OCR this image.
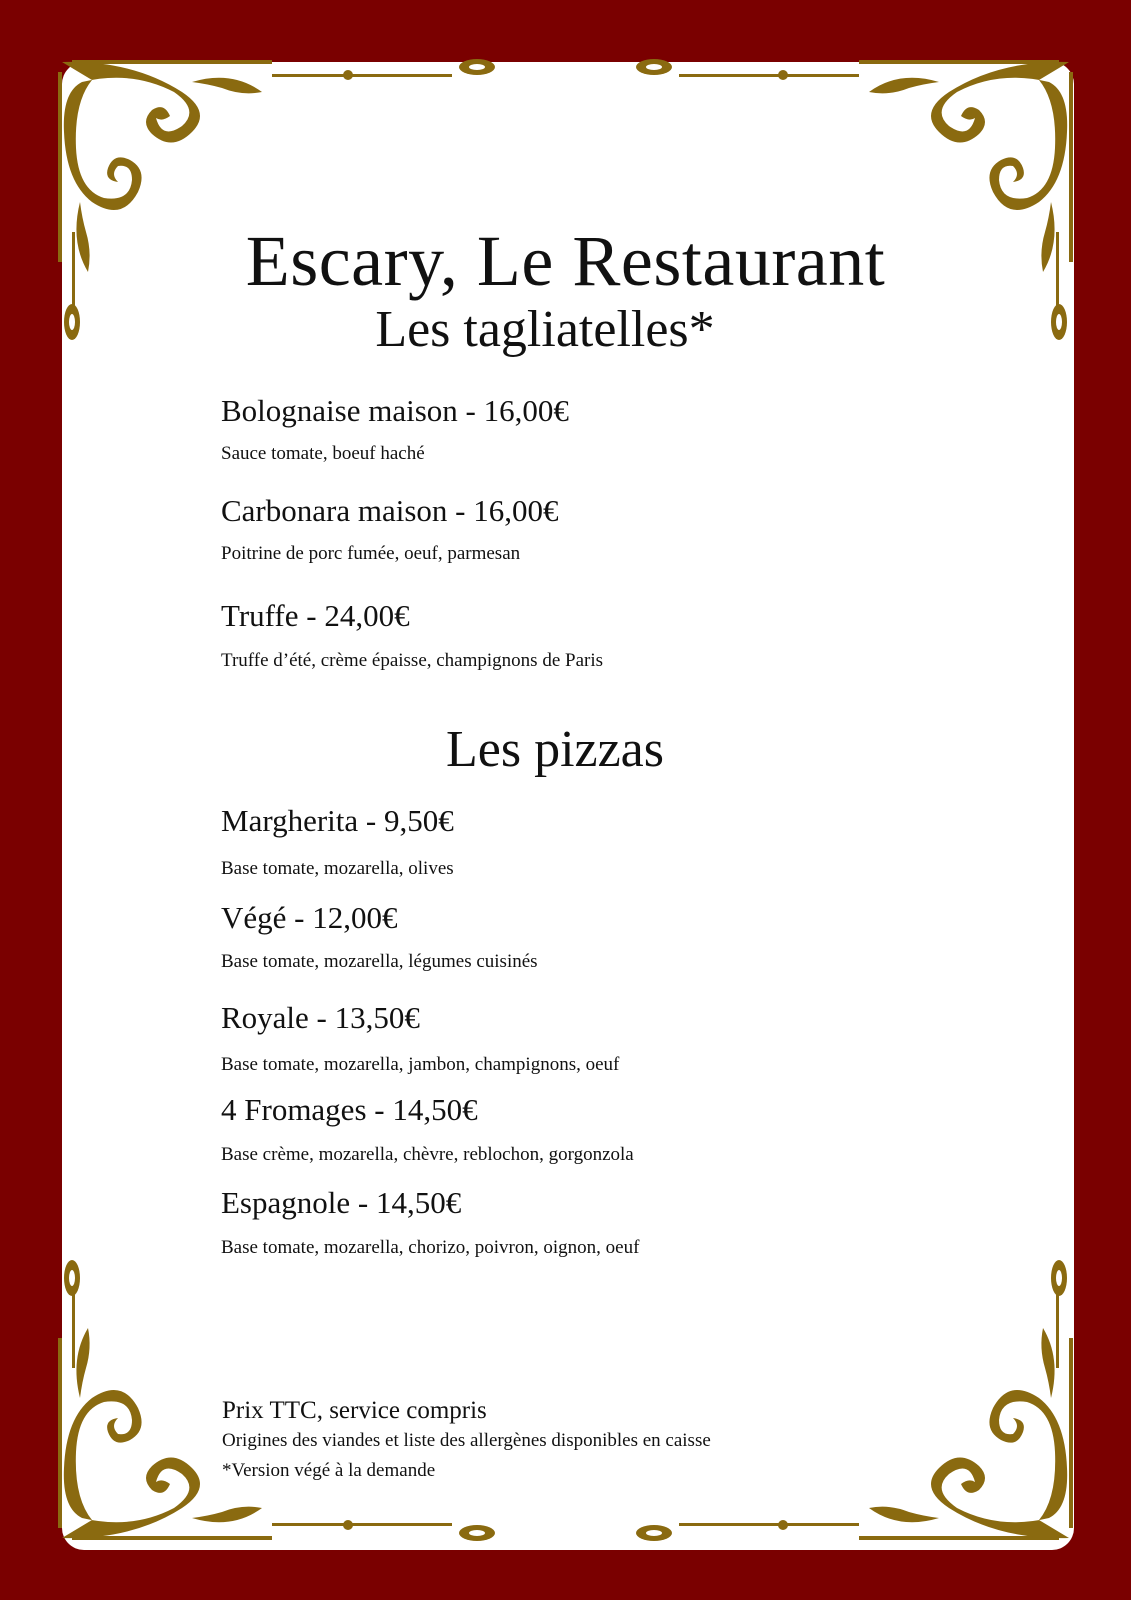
Escary, Le Restaurant
Les tagliatelles*
Bolognaise maison - 16,00€
Sauce tomate, boeuf haché
Carbonara maison - 16,00€
Poitrine de porc fumée, oeuf, parmesan
Truffe - 24,00€
Truffe d’été, crème épaisse, champignons de Paris
Les pizzas
Margherita - 9,50€
Base tomate, mozarella, olives
Végé - 12,00€
Base tomate, mozarella, légumes cuisinés
Royale - 13,50€
Base tomate, mozarella, jambon, champignons, oeuf
4 Fromages - 14,50€
Base crème, mozarella, chèvre, reblochon, gorgonzola
Espagnole - 14,50€
Base tomate, mozarella, chorizo, poivron, oignon, oeuf
Prix TTC, service compris
Origines des viandes et liste des allergènes disponibles en caisse
*Version végé à la demande
